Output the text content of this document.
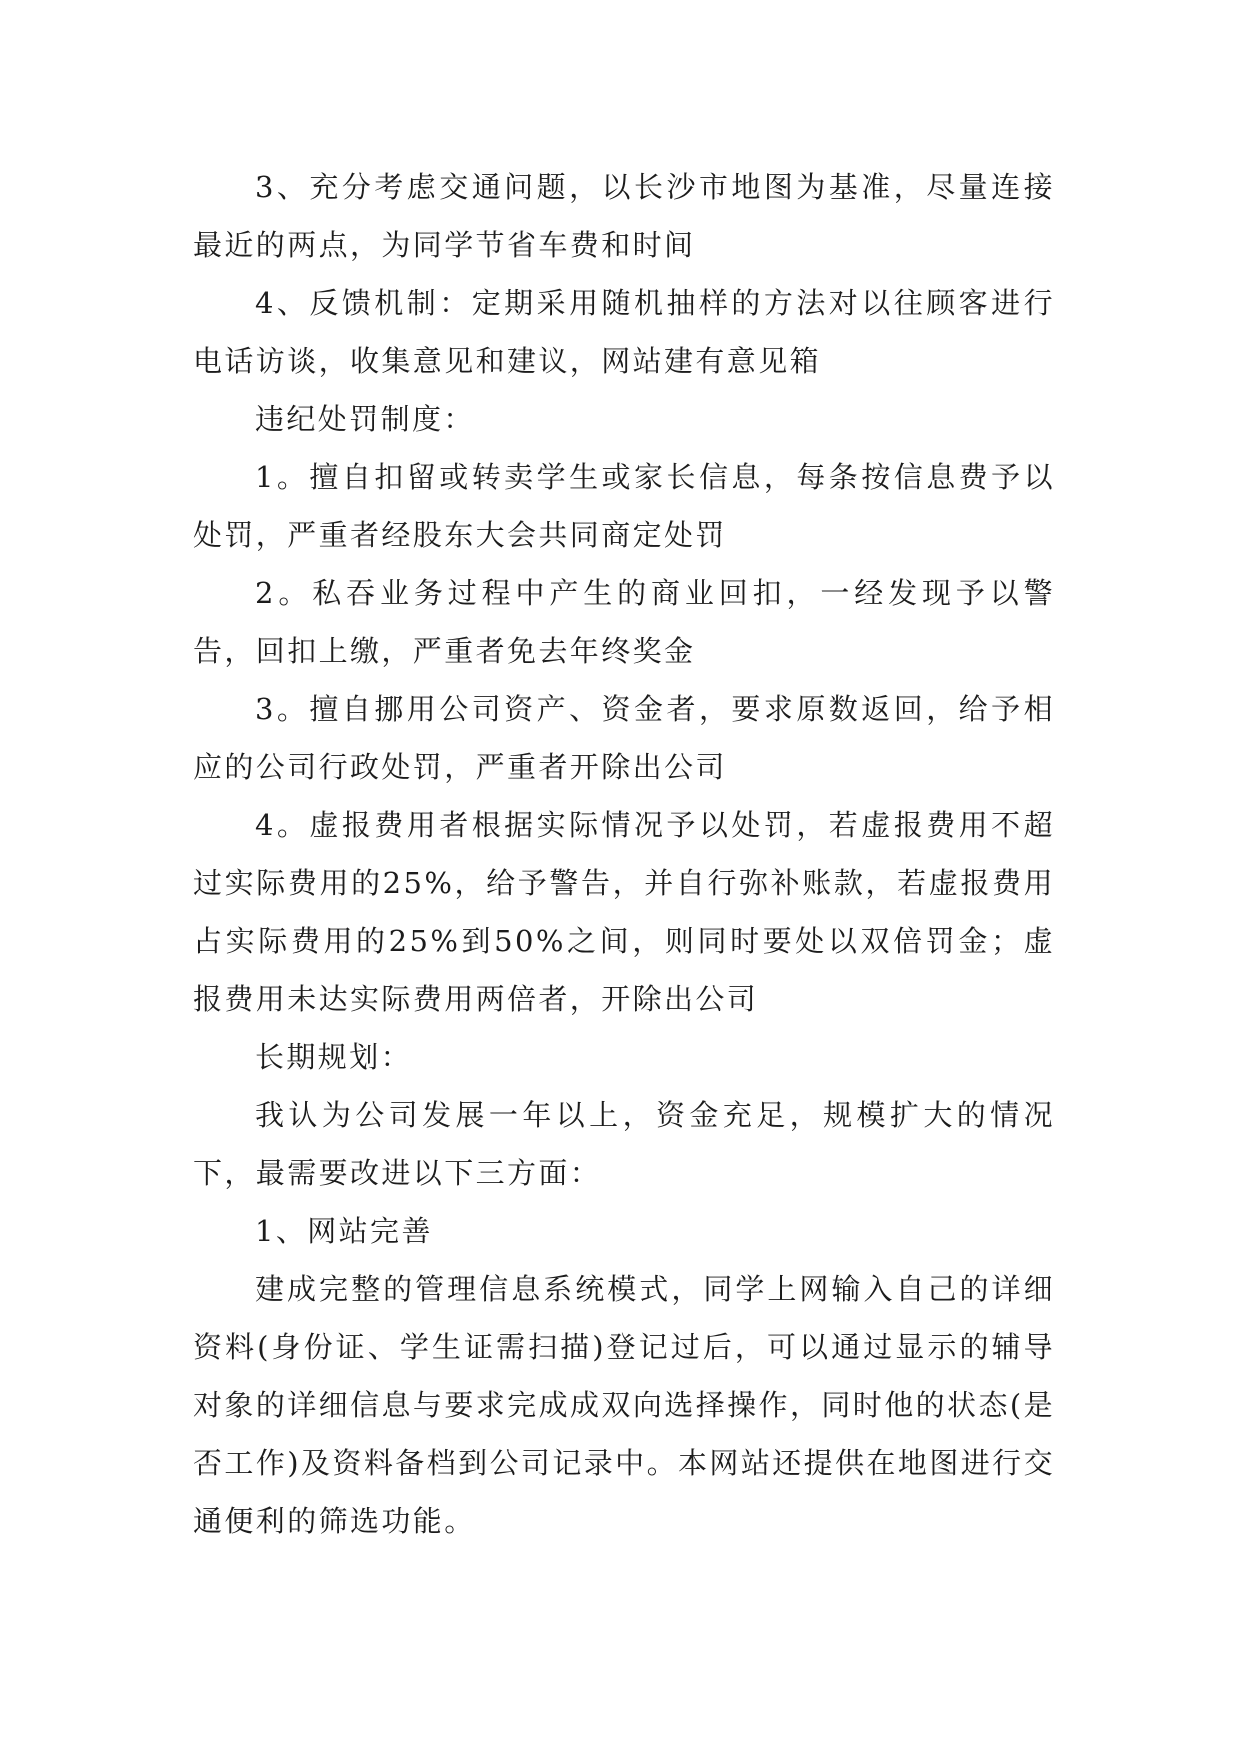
3、充分考虑交通问题，以长沙市地图为基准，尽量连接最近的两点，为同学节省车费和时间

4、反馈机制：定期采用随机抽样的方法对以往顾客进行电话访谈，收集意见和建议，网站建有意见箱

违纪处罚制度：

1。擅自扣留或转卖学生或家长信息，每条按信息费予以处罚，严重者经股东大会共同商定处罚

2。私吞业务过程中产生的商业回扣，一经发现予以警告，回扣上缴，严重者免去年终奖金

3。擅自挪用公司资产、资金者，要求原数返回，给予相应的公司行政处罚，严重者开除出公司

4。虚报费用者根据实际情况予以处罚，若虚报费用不超过实际费用的25%，给予警告，并自行弥补账款，若虚报费用占实际费用的25%到50%之间，则同时要处以双倍罚金；虚报费用未达实际费用两倍者，开除出公司

长期规划：

我认为公司发展一年以上，资金充足，规模扩大的情况下，最需要改进以下三方面：

1、网站完善

建成完整的管理信息系统模式，同学上网输入自己的详细资料(身份证、学生证需扫描)登记过后，可以通过显示的辅导对象的详细信息与要求完成成双向选择操作，同时他的状态(是否工作)及资料备档到公司记录中。本网站还提供在地图进行交通便利的筛选功能。
